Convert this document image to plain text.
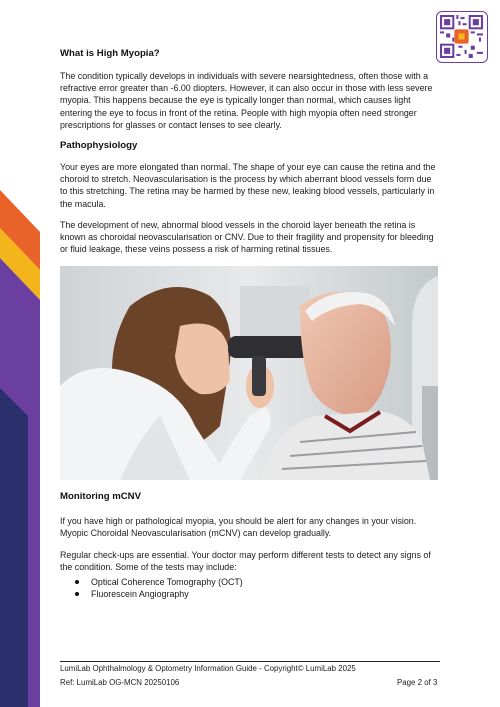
What is High Myopia?

The condition typically develops in individuals with severe nearsightedness, often those with a refractive error greater than -6.00 diopters. However, it can also occur in those with less severe myopia. This happens because the eye is typically longer than normal, which causes light entering the eye to focus in front of the retina. People with high myopia often need stronger prescriptions for glasses or contact lenses to see clearly.

Pathophysiology

Your eyes are more elongated than normal. The shape of your eye can cause the retina and the choroid to stretch. Neovascularisation is the process by which aberrant blood vessels form due to this stretching. The retina may be harmed by these new, leaking blood vessels, particularly in the macula.

The development of new, abnormal blood vessels in the choroid layer beneath the retina is known as choroidal neovascularisation or CNV. Due to their fragility and propensity for bleeding or fluid leakage, these veins possess a risk of harming retinal tissues.

Monitoring mCNV

If you have high or pathological myopia, you should be alert for any changes in your vision. Myopic Choroidal Neovascularisation (mCNV) can develop gradually.

Regular check-ups are essential. Your doctor may perform different tests to detect any signs of the condition. Some of the tests may include:

Optical Coherence Tomography (OCT)
Fluorescein Angiography
LumiLab Ophthalmology & Optometry Information Guide - Copyright© LumiLab 2025
Ref: LumiLab OG-MCN 20250106	Page 2 of 3
